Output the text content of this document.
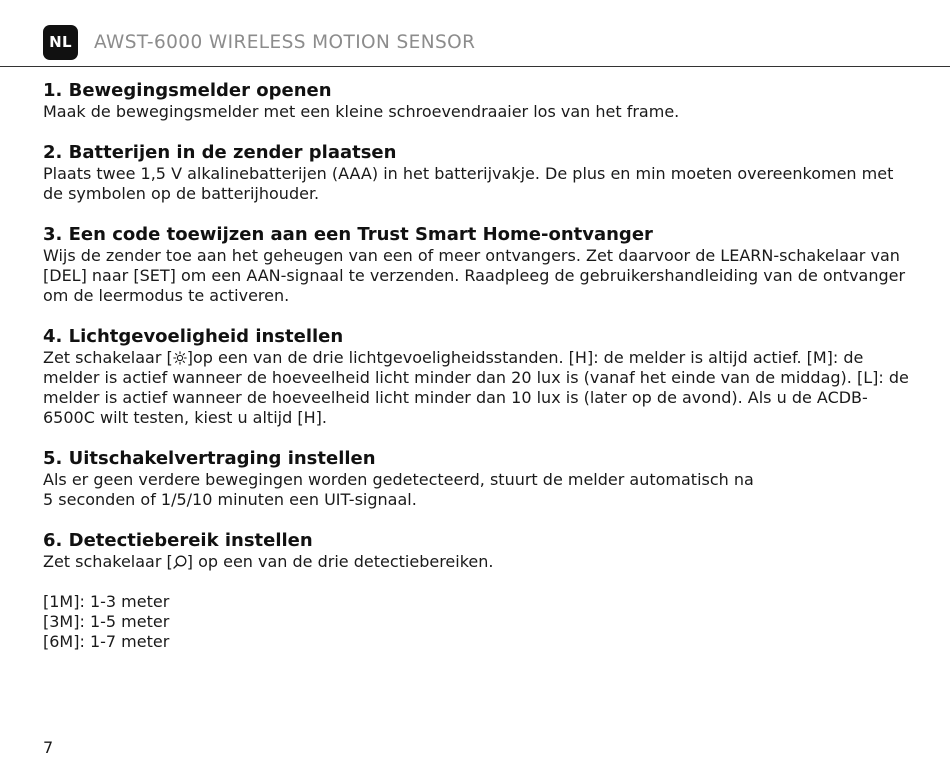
NL	AWST-6000 WIRELESS MOTION SENSOR
1. Bewegingsmelder openen

Maak de bewegingsmelder met een kleine schroevendraaier los van het frame.

2. Batterijen in de zender plaatsen

Plaats twee 1,5 V alkalinebatterijen (AAA) in het batterijvakje. De plus en min moeten overeenkomen met de symbolen op de batterijhouder.

3. Een code toewijzen aan een Trust Smart Home-ontvanger

Wijs de zender toe aan het geheugen van een of meer ontvangers. Zet daarvoor de LEARN-schakelaar van [DEL] naar [SET] om een AAN-signaal te verzenden. Raadpleeg de gebruikershandleiding van de ontvanger om de leermodus te activeren.

4. Lichtgevoeligheid instellen

Zet schakelaar [ ]op een van de drie lichtgevoeligheidsstanden. [H]: de melder is altijd actief. [M]: de melder is actief wanneer de hoeveelheid licht minder dan 20 lux is (vanaf het einde van de middag). [L]: de melder is actief wanneer de hoeveelheid licht minder dan 10 lux is (later op de avond). Als u de ACDB-6500C wilt testen, kiest u altijd [H].

5. Uitschakelvertraging instellen

Als er geen verdere bewegingen worden gedetecteerd, stuurt de melder automatisch na
5 seconden of 1/5/10 minuten een UIT-signaal.

6. Detectiebereik instellen

Zet schakelaar [ ] op een van de drie detectiebereiken.

[1M]: 1-3 meter
[3M]: 1-5 meter
[6M]: 1-7 meter
7
